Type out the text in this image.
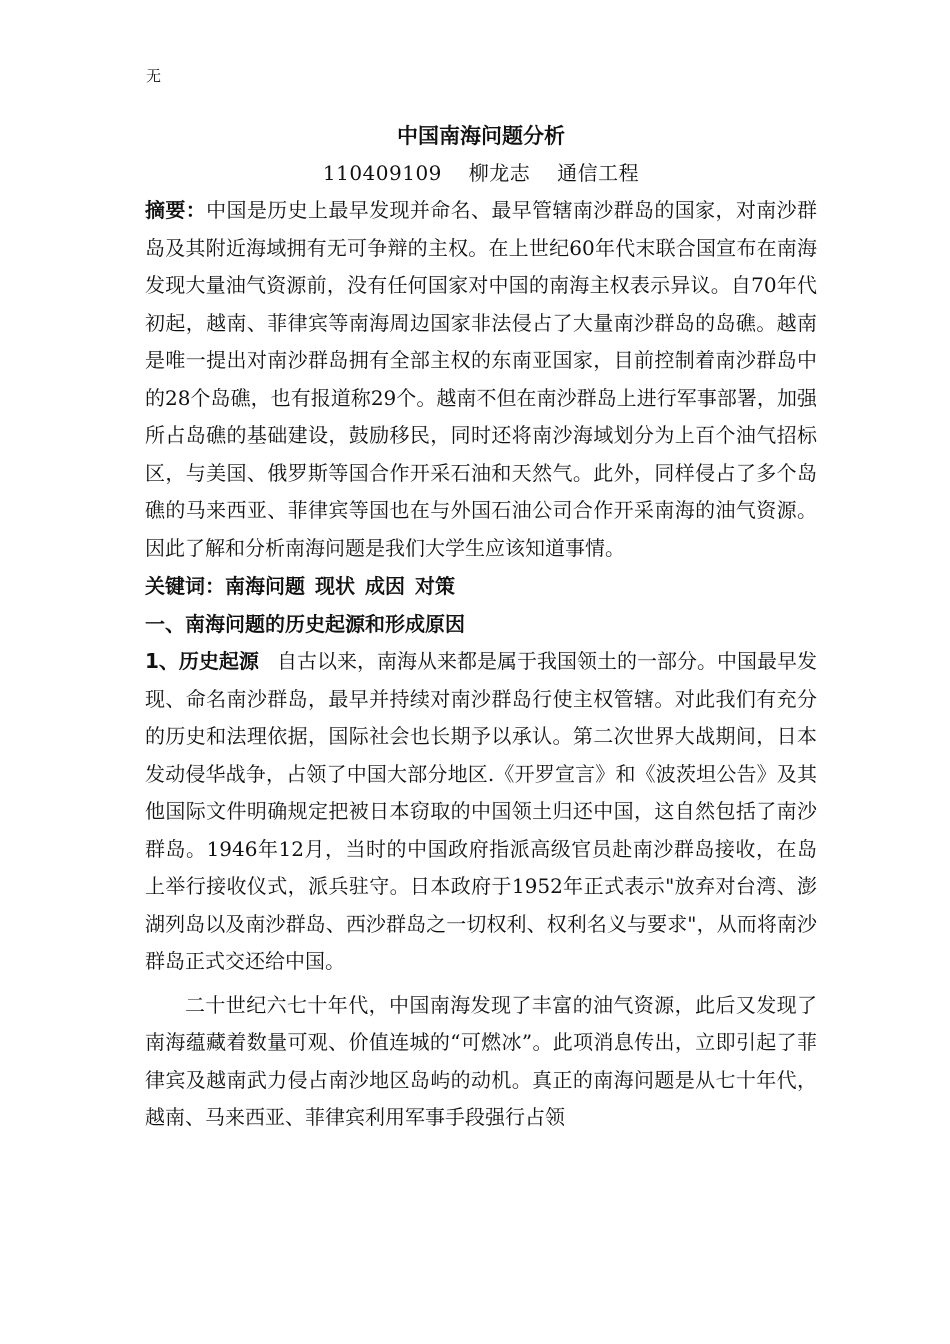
无
中国南海问题分析
110409109 柳龙志 通信工程

摘要：中国是历史上最早发现并命名、最早管辖南沙群岛的国家，对南沙群岛及其附近海域拥有无可争辩的主权。在上世纪60年代末联合国宣布在南海发现大量油气资源前，没有任何国家对中国的南海主权表示异议。自70年代初起，越南、菲律宾等南海周边国家非法侵占了大量南沙群岛的岛礁。越南是唯一提出对南沙群岛拥有全部主权的东南亚国家，目前控制着南沙群岛中的28个岛礁，也有报道称29个。越南不但在南沙群岛上进行军事部署，加强所占岛礁的基础建设，鼓励移民，同时还将南沙海域划分为上百个油气招标区，与美国、俄罗斯等国合作开采石油和天然气。此外，同样侵占了多个岛礁的马来西亚、菲律宾等国也在与外国石油公司合作开采南海的油气资源。因此了解和分析南海问题是我们大学生应该知道事情。

关键词：南海问题 现状 成因 对策
一、南海问题的历史起源和形成原因

1、历史起源 自古以来，南海从来都是属于我国领土的一部分。中国最早发现、命名南沙群岛，最早并持续对南沙群岛行使主权管辖。对此我们有充分的历史和法理依据，国际社会也长期予以承认。第二次世界大战期间，日本发动侵华战争，占领了中国大部分地区.《开罗宣言》和《波茨坦公告》及其他国际文件明确规定把被日本窃取的中国领土归还中国，这自然包括了南沙群岛。1946年12月，当时的中国政府指派高级官员赴南沙群岛接收，在岛上举行接收仪式，派兵驻守。日本政府于1952年正式表示"放弃对台湾、澎湖列岛以及南沙群岛、西沙群岛之一切权利、权利名义与要求"，从而将南沙群岛正式交还给中国。

二十世纪六七十年代，中国南海发现了丰富的油气资源，此后又发现了南海蕴藏着数量可观、价值连城的“可燃冰”。此项消息传出，立即引起了菲律宾及越南武力侵占南沙地区岛屿的动机。真正的南海问题是从七十年代，越南、马来西亚、菲律宾利用军事手段强行占领
